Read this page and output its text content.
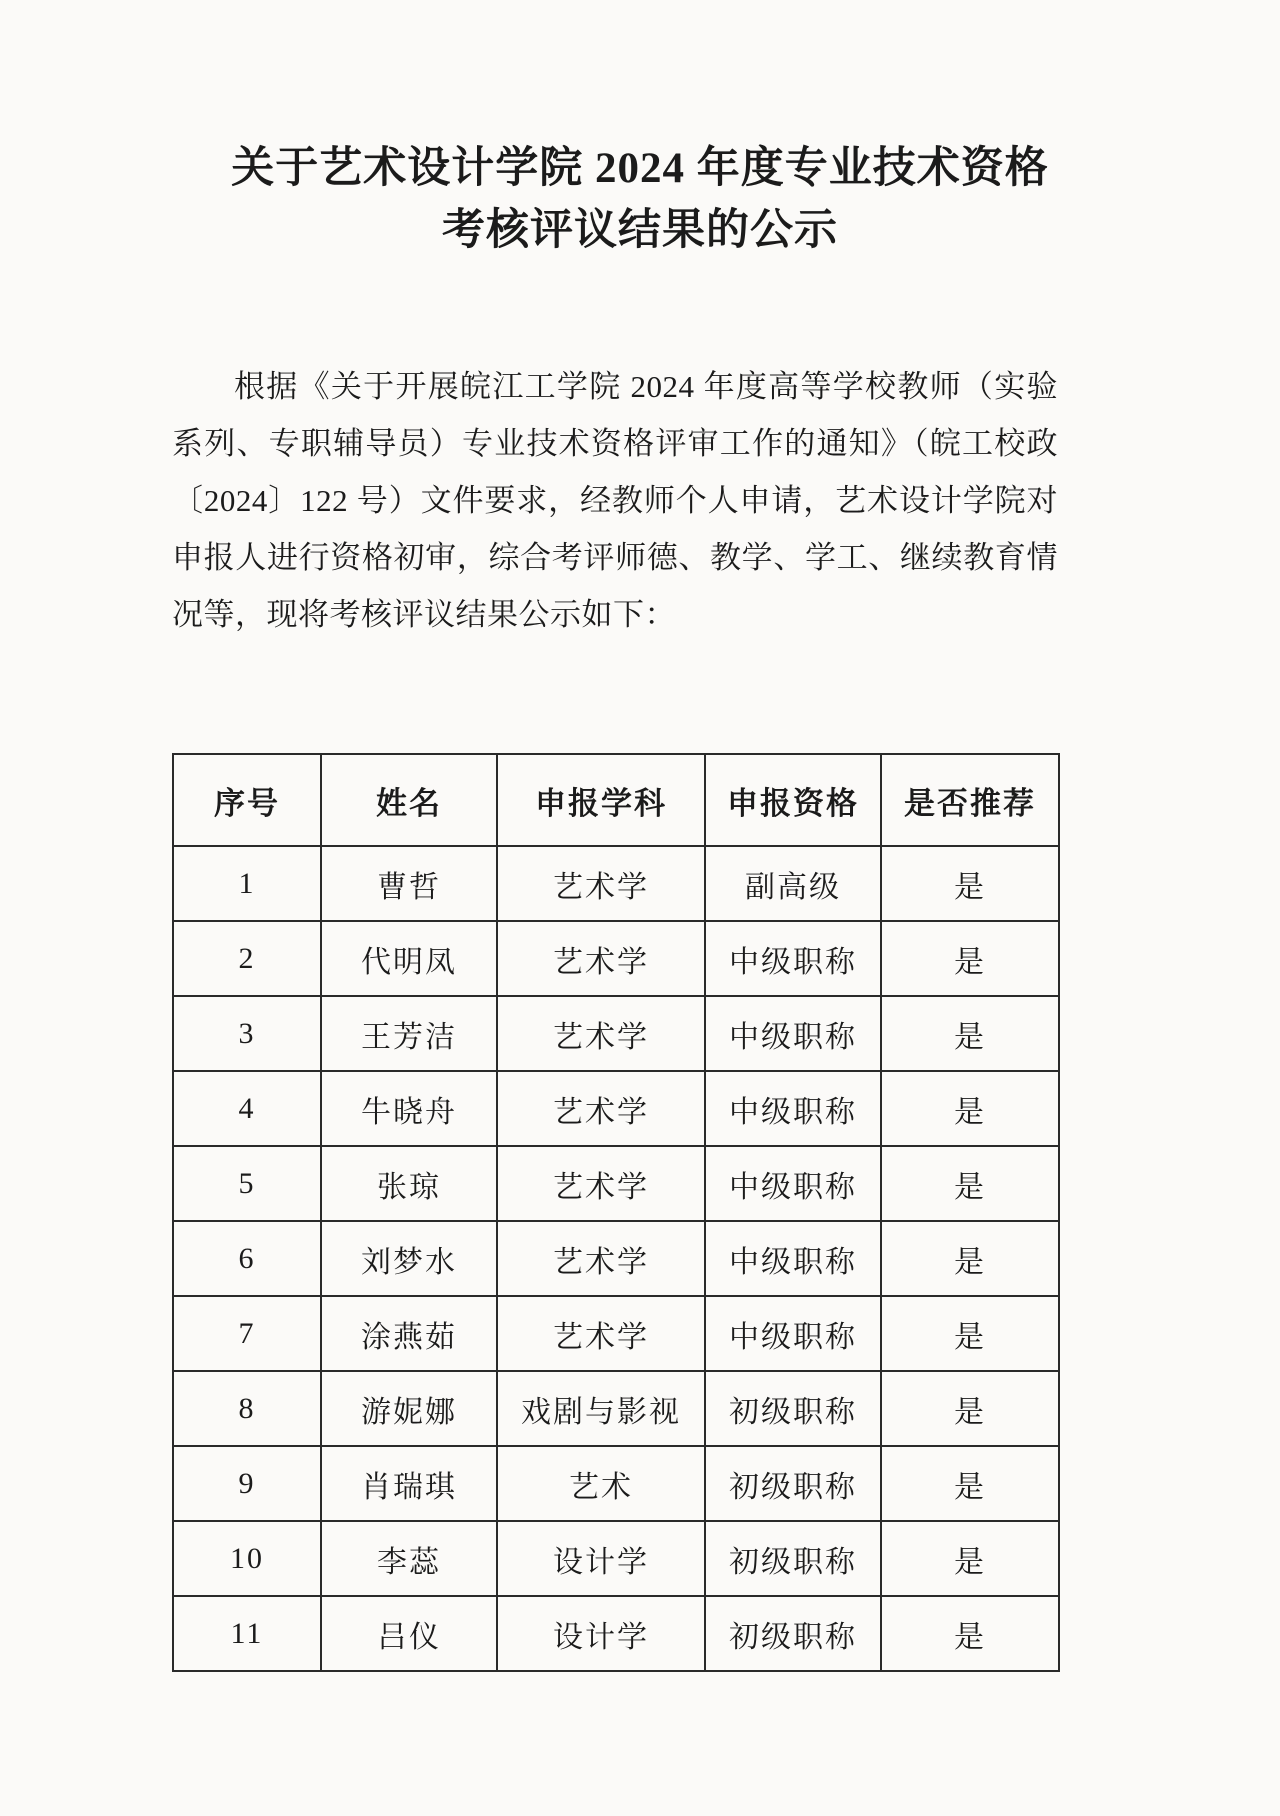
关于艺术设计学院 2024 年度专业技术资格
考核评议结果的公示

根据《关于开展皖江工学院 2024 年度高等学校教师（实验系列、专职辅导员）专业技术资格评审工作的通知》（皖工校政〔2024〕122 号）文件要求，经教师个人申请，艺术设计学院对申报人进行资格初审，综合考评师德、教学、学工、继续教育情况等，现将考核评议结果公示如下：

序号	姓名	申报学科	申报资格	是否推荐
1	曹哲	艺术学	副高级	是
2	代明凤	艺术学	中级职称	是
3	王芳洁	艺术学	中级职称	是
4	牛晓舟	艺术学	中级职称	是
5	张琼	艺术学	中级职称	是
6	刘梦水	艺术学	中级职称	是
7	涂燕茹	艺术学	中级职称	是
8	游妮娜	戏剧与影视	初级职称	是
9	肖瑞琪	艺术	初级职称	是
10	李蕊	设计学	初级职称	是
11	吕仪	设计学	初级职称	是
